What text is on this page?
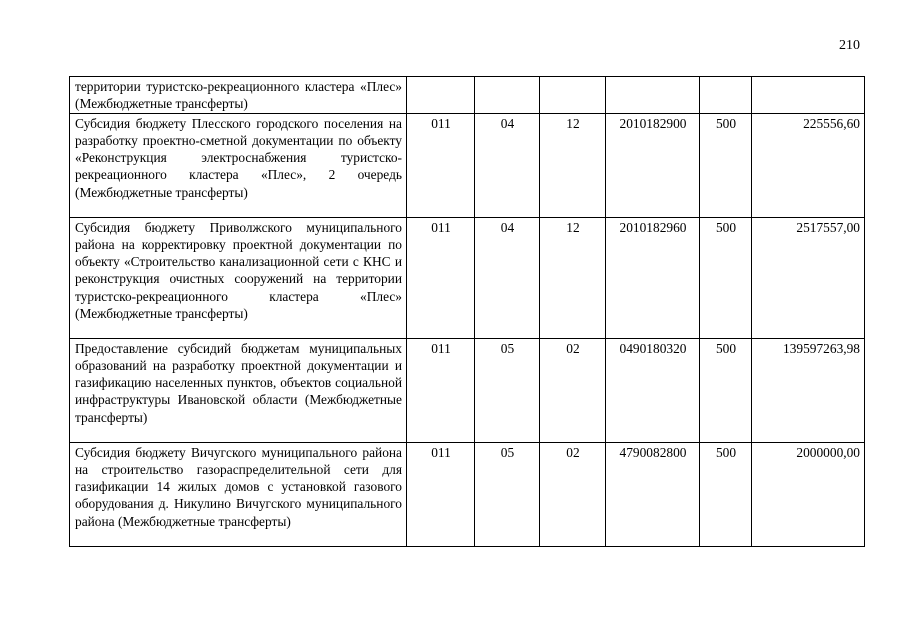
210
территории туристско-рекреационного кластера «Плес» (Межбюджетные трансферты)						
Субсидия бюджету Плесского городского поселения на разработку проектно-сметной документации по объекту «Реконструкция электроснабжения туристско-рекреационного кластера «Плес», 2 очередь (Межбюджетные трансферты)	011	04	12	2010182900	500	225556,60
Субсидия бюджету Приволжского муниципального района на корректировку проектной документации по объекту «Строительство канализационной сети с КНС и реконструкция очистных сооружений на территории туристско-рекреационного кластера «Плес» (Межбюджетные трансферты)	011	04	12	2010182960	500	2517557,00
Предоставление субсидий бюджетам муниципальных образований на разработку проектной документации и газификацию населенных пунктов, объектов социальной инфраструктуры Ивановской области (Межбюджетные трансферты)	011	05	02	0490180320	500	139597263,98
Субсидия бюджету Вичугского муниципального района на строительство газораспределительной сети для газификации 14 жилых домов с установкой газового оборудования д. Никулино Вичугского муниципального района (Межбюджетные трансферты)	011	05	02	4790082800	500	2000000,00
